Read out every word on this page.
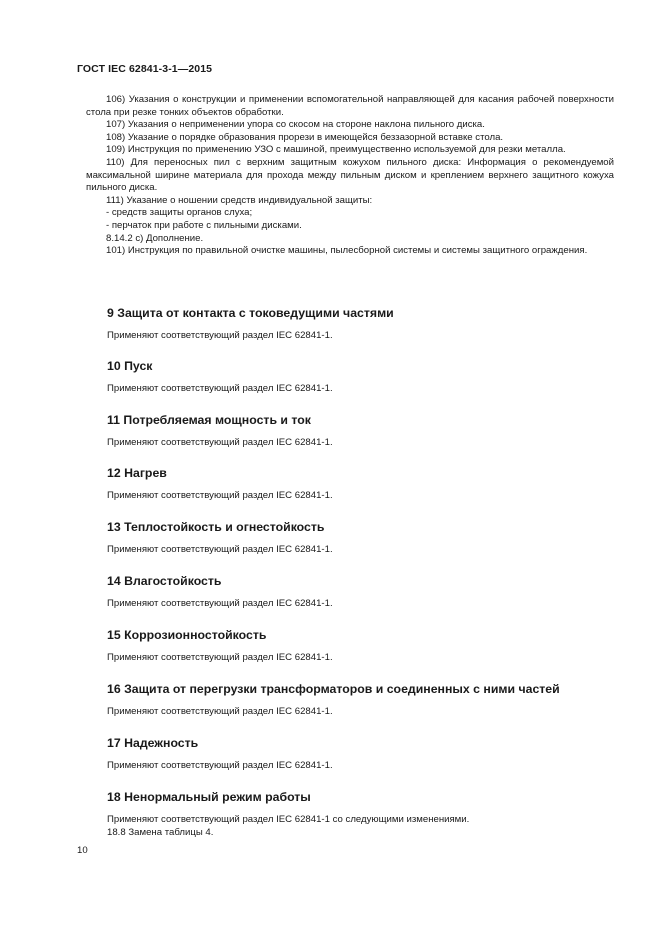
ГОСТ IEC 62841-3-1—2015

106) Указания о конструкции и применении вспомогательной направляющей для касания рабочей поверхности стола при резке тонких объектов обработки.

107) Указания о неприменении упора со скосом на стороне наклона пильного диска.

108) Указание о порядке образования прорези в имеющейся беззазорной вставке стола.

109) Инструкция по применению УЗО с машиной, преимущественно используемой для резки металла.

110) Для переносных пил с верхним защитным кожухом пильного диска: Информация о рекомендуемой максимальной ширине материала для прохода между пильным диском и креплением верхнего защитного кожуха пильного диска.

111) Указание о ношении средств индивидуальной защиты:

- средств защиты органов слуха;

- перчаток при работе с пильными дисками.

8.14.2 c) Дополнение.

101) Инструкция по правильной очистке машины, пылесборной системы и системы защитного ограждения.

9 Защита от контакта с токоведущими частями

Применяют соответствующий раздел IEC 62841-1.

10 Пуск

Применяют соответствующий раздел IEC 62841-1.

11 Потребляемая мощность и ток

Применяют соответствующий раздел IEC 62841-1.

12 Нагрев

Применяют соответствующий раздел IEC 62841-1.

13 Теплостойкость и огнестойкость

Применяют соответствующий раздел IEC 62841-1.

14 Влагостойкость

Применяют соответствующий раздел IEC 62841-1.

15 Коррозионностойкость

Применяют соответствующий раздел IEC 62841-1.

16 Защита от перегрузки трансформаторов и соединенных с ними частей

Применяют соответствующий раздел IEC 62841-1.

17 Надежность

Применяют соответствующий раздел IEC 62841-1.

18 Ненормальный режим работы

Применяют соответствующий раздел IEC 62841-1 со следующими изменениями.

18.8 Замена таблицы 4.

10
